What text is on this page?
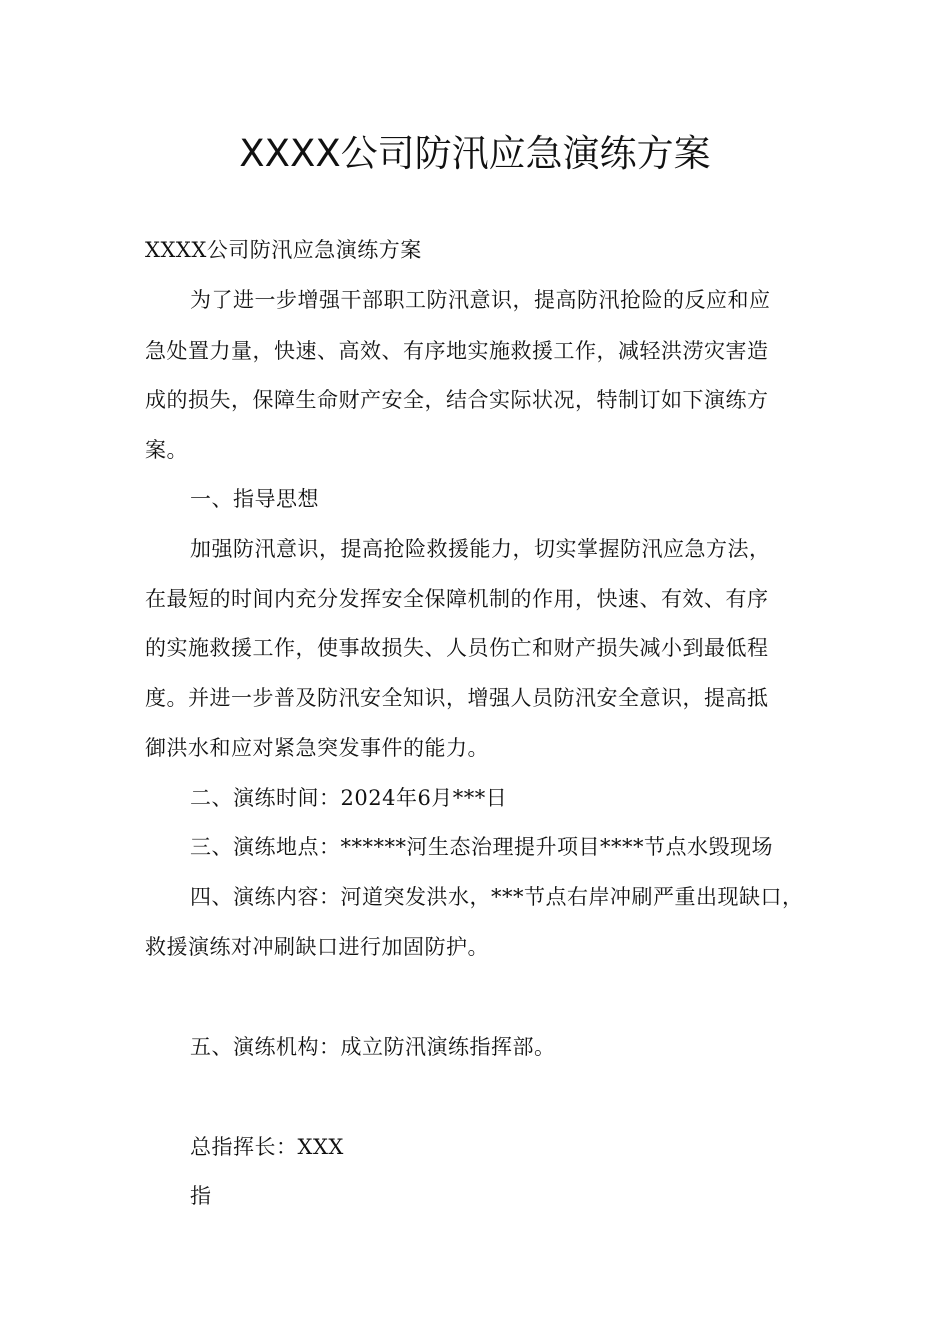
XXXX公司防汛应急演练方案
XXXX公司防汛应急演练方案
为了进一步增强干部职工防汛意识，提高防汛抢险的反应和应
急处置力量，快速、高效、有序地实施救援工作，减轻洪涝灾害造
成的损失，保障生命财产安全，结合实际状况，特制订如下演练方
案。
一、指导思想
加强防汛意识，提高抢险救援能力，切实掌握防汛应急方法，
在最短的时间内充分发挥安全保障机制的作用，快速、有效、有序
的实施救援工作，使事故损失、人员伤亡和财产损失减小到最低程
度。并进一步普及防汛安全知识，增强人员防汛安全意识，提高抵
御洪水和应对紧急突发事件的能力。
二、演练时间：2024年6月***日
三、演练地点：******河生态治理提升项目****节点水毁现场
四、演练内容：河道突发洪水，***节点右岸冲刷严重出现缺口，
救援演练对冲刷缺口进行加固防护。
五、演练机构：成立防汛演练指挥部。
总指挥长：XXX
指
